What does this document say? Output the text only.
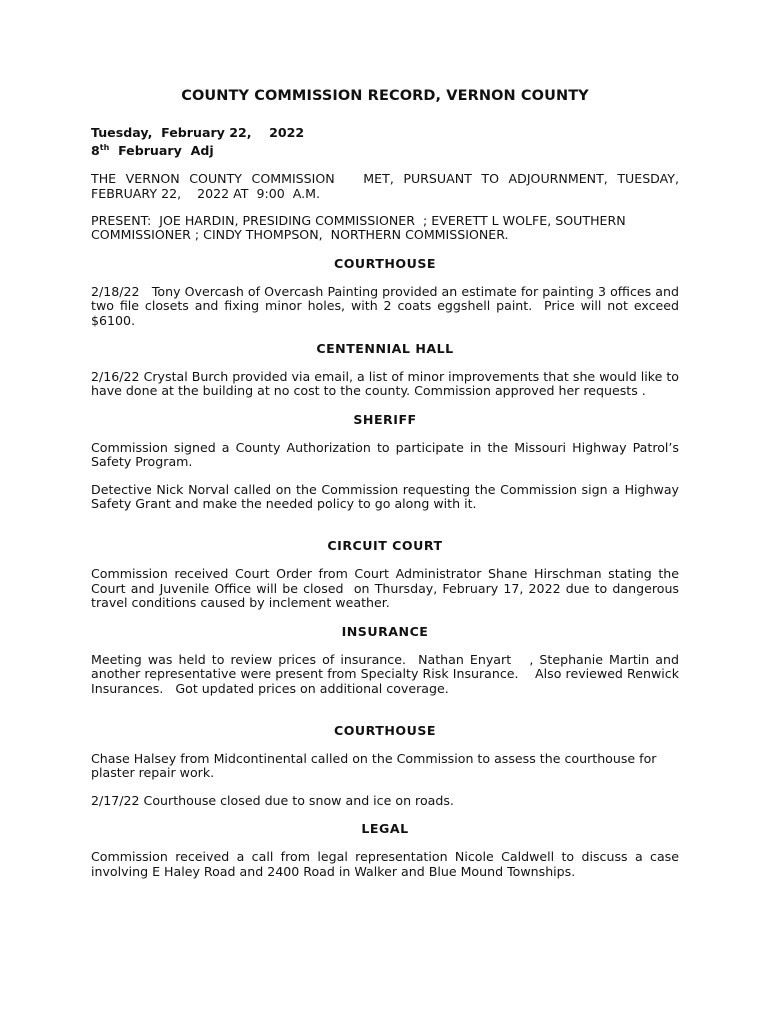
COUNTY COMMISSION RECORD, VERNON COUNTY
Tuesday,  February 22,    2022
8th  February  Adj

THE VERNON COUNTY COMMISSION   MET, PURSUANT TO ADJOURNMENT, TUESDAY, FEBRUARY 22,    2022 AT  9:00  A.M.

PRESENT:  JOE HARDIN, PRESIDING COMMISSIONER  ; EVERETT L WOLFE, SOUTHERN      COMMISSIONER ; CINDY THOMPSON,  NORTHERN COMMISSIONER.

COURTHOUSE

2/18/22   Tony Overcash of Overcash Painting provided an estimate for painting 3 offices and two file closets and fixing minor holes, with 2 coats eggshell paint.  Price will not exceed $6100.

CENTENNIAL HALL

2/16/22 Crystal Burch provided via email, a list of minor improvements that she would like to have done at the building at no cost to the county. Commission approved her requests .

SHERIFF

Commission signed a County Authorization to participate in the Missouri Highway Patrol’s Safety Program.

Detective Nick Norval called on the Commission requesting the Commission sign a Highway Safety Grant and make the needed policy to go along with it.

CIRCUIT COURT

Commission received Court Order from Court Administrator Shane Hirschman stating the Court and Juvenile Office will be closed  on Thursday, February 17, 2022 due to dangerous travel conditions caused by inclement weather.

INSURANCE

Meeting was held to review prices of insurance.  Nathan Enyart   , Stephanie Martin and another representative were present from Specialty Risk Insurance.    Also reviewed Renwick Insurances.   Got updated prices on additional coverage.

COURTHOUSE

Chase Halsey from Midcontinental called on the Commission to assess the courthouse for plaster repair work.

2/17/22 Courthouse closed due to snow and ice on roads.

LEGAL

Commission received a call from legal representation Nicole Caldwell to discuss a case involving E Haley Road and 2400 Road in Walker and Blue Mound Townships.
